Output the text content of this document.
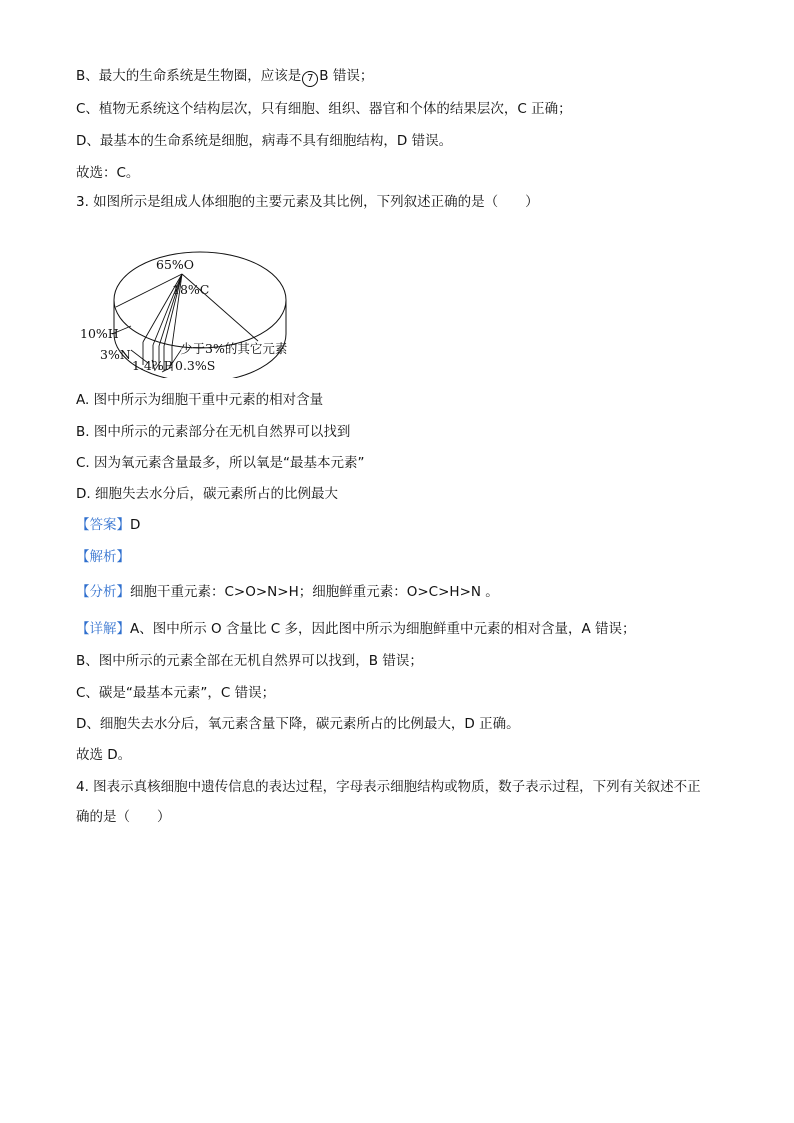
B、最大的生命系统是生物圈，应该是 7 B 错误；
C、植物无系统这个结构层次，只有细胞、组织、器官和个体的结果层次，C 正确；
D、最基本的生命系统是细胞，病毒不具有细胞结构，D 错误。
故选：C。
3. 如图所示是组成人体细胞的主要元素及其比例，下列叙述正确的是（　　）
65%O
18%C
10%H
3%N
1.4%P 0.3%S
少于3%的其它元素
A. 图中所示为细胞干重中元素的相对含量
B. 图中所示的元素部分在无机自然界可以找到
C. 因为氧元素含量最多，所以氧是“最基本元素”
D. 细胞失去水分后，碳元素所占的比例最大
【答案】D
【解析】
【分析】细胞干重元素：C>O>N>H；细胞鲜重元素：O>C>H>N 。
【详解】A、图中所示 O 含量比 C 多，因此图中所示为细胞鲜重中元素的相对含量，A 错误；
B、图中所示的元素全部在无机自然界可以找到，B 错误；
C、碳是“最基本元素”，C 错误；
D、细胞失去水分后，氧元素含量下降，碳元素所占的比例最大，D 正确。
故选 D。
4. 图表示真核细胞中遗传信息的表达过程，字母表示细胞结构或物质，数子表示过程，下列有关叙述不正
确的是（　　）
